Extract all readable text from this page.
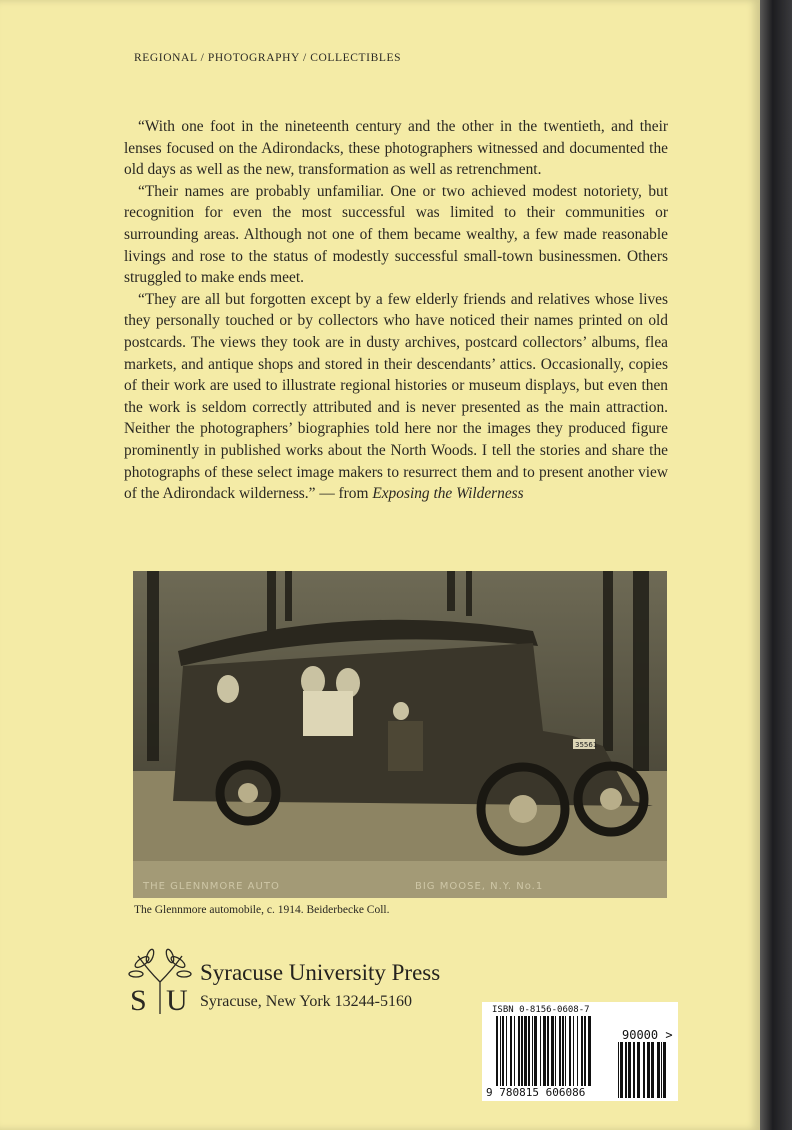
REGIONAL / PHOTOGRAPHY / COLLECTIBLES

“With one foot in the nineteenth century and the other in the twentieth, and their lenses focused on the Adirondacks, these photographers witnessed and documented the old days as well as the new, transformation as well as retrenchment.

“Their names are probably unfamiliar. One or two achieved modest notoriety, but recognition for even the most successful was limited to their communities or surrounding areas. Although not one of them became wealthy, a few made reasonable livings and rose to the status of modestly successful small-town businessmen. Others struggled to make ends meet.

“They are all but forgotten except by a few elderly friends and relatives whose lives they personally touched or by collectors who have noticed their names printed on old postcards. The views they took are in dusty archives, postcard collectors’ albums, flea markets, and antique shops and stored in their descendants’ attics. Occasionally, copies of their work are used to illustrate regional histories or museum displays, but even then the work is seldom correctly attributed and is never presented as the main attraction. Neither the photographers’ biographies told here nor the images they produced figure prominently in published works about the North Woods. I tell the stories and share the photographs of these select image makers to resurrect them and to present another view of the Adirondack wilderness.” — from Exposing the Wilderness

35561
THE GLENNMORE AUTO	BIG MOOSE, N.Y. No.1
The Glennmore automobile, c. 1914. Beiderbecke Coll.
S U
Syracuse University Press
Syracuse, New York 13244-5160	ISBN 0-8156-0608-7
9 780815 606086
90000 >
